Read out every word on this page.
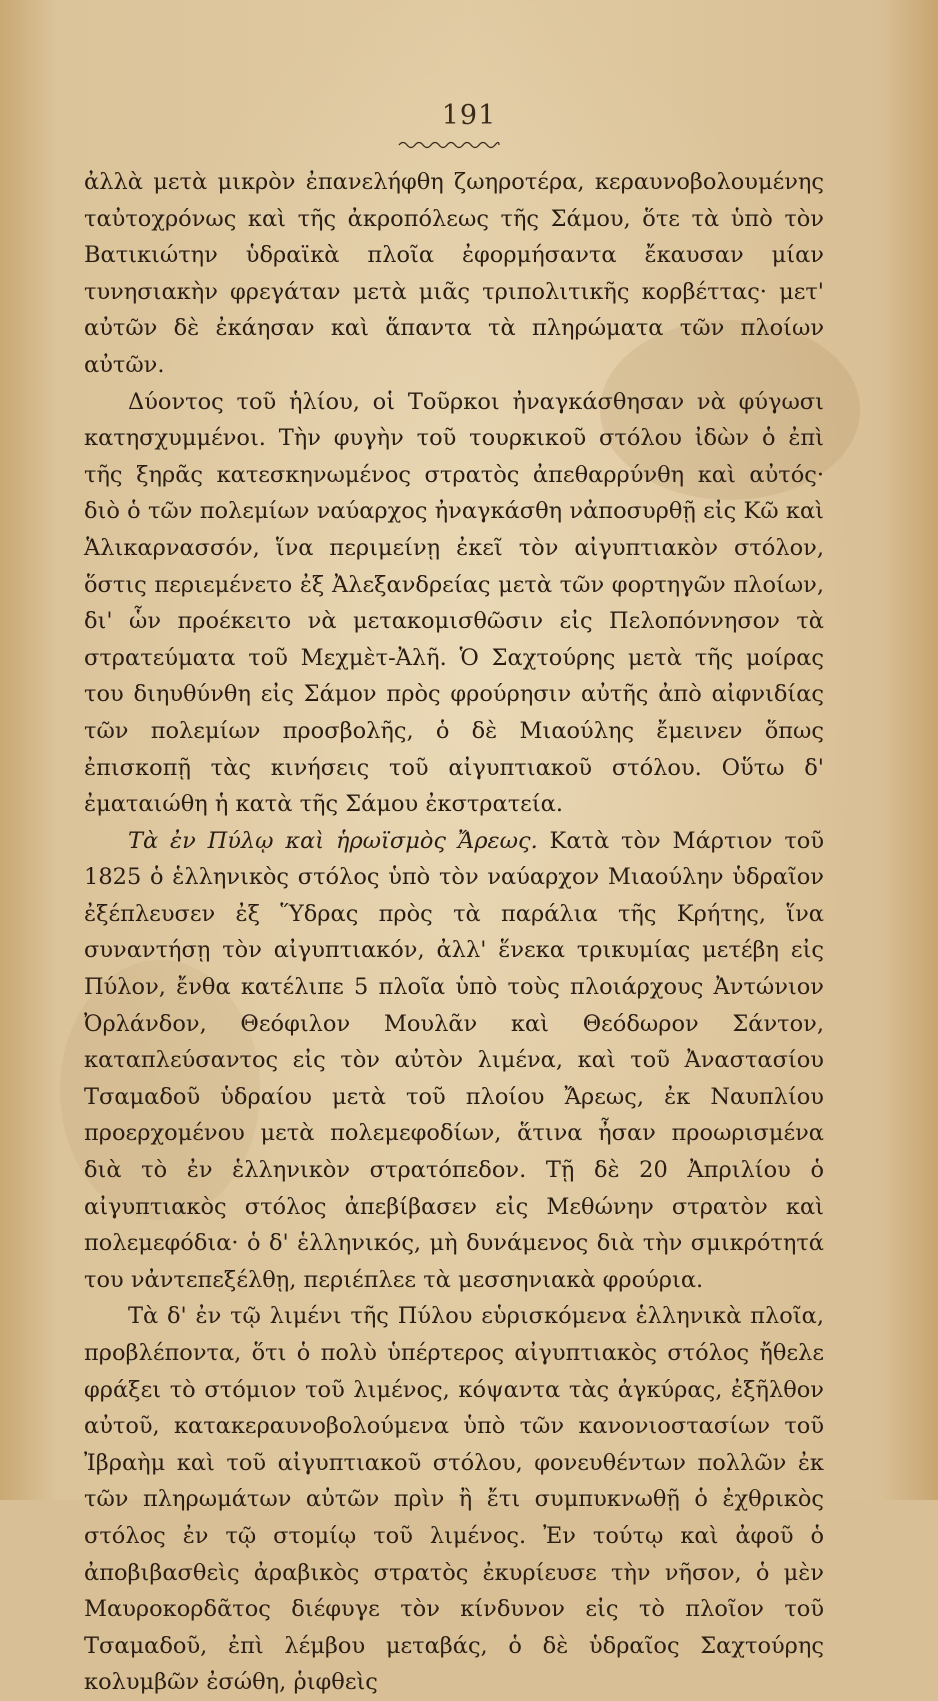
191

ἀλλὰ μετὰ μικρὸν ἐπανελήφθη ζωηροτέρα, κεραυνοβολουμένης ταὐτοχρόνως καὶ τῆς ἀκροπόλεως τῆς Σάμου, ὅτε τὰ ὑπὸ τὸν Βατικιώτην ὑδραϊκὰ πλοῖα ἐφορμήσαντα ἔκαυσαν μίαν τυνησιακὴν φρεγάταν μετὰ μιᾶς τριπολιτικῆς κορβέττας· μετ' αὐτῶν δὲ ἐκάησαν καὶ ἅπαντα τὰ πληρώματα τῶν πλοίων αὐτῶν.

Δύοντος τοῦ ἡλίου, οἱ Τοῦρκοι ἠναγκάσθησαν νὰ φύγωσι κατησχυμμένοι. Τὴν φυγὴν τοῦ τουρκικοῦ στόλου ἰδὼν ὁ ἐπὶ τῆς ξηρᾶς κατεσκηνωμένος στρατὸς ἀπεθαρρύνθη καὶ αὐτός· διὸ ὁ τῶν πολεμίων ναύαρχος ἠναγκάσθη νἀποσυρθῇ εἰς Κῶ καὶ Ἁλικαρνασσόν, ἵνα περιμείνῃ ἐκεῖ τὸν αἰγυπτιακὸν στόλον, ὅστις περιεμένετο ἐξ Ἀλεξανδρείας μετὰ τῶν φορτηγῶν πλοίων, δι' ὧν προέκειτο νὰ μετακομισθῶσιν εἰς Πελοπόννησον τὰ στρατεύματα τοῦ Μεχμὲτ-Ἀλῆ. Ὁ Σαχτούρης μετὰ τῆς μοίρας του διηυθύνθη εἰς Σάμον πρὸς φρούρησιν αὐτῆς ἀπὸ αἰφνιδίας τῶν πολεμίων προσβολῆς, ὁ δὲ Μιαούλης ἔμεινεν ὅπως ἐπισκοπῇ τὰς κινήσεις τοῦ αἰγυπτιακοῦ στόλου. Οὕτω δ' ἐματαιώθη ἡ κατὰ τῆς Σάμου ἐκστρατεία.

Τὰ ἐν Πύλῳ καὶ ἡρωϊσμὸς Ἄρεως. Κατὰ τὸν Μάρτιον τοῦ 1825 ὁ ἑλληνικὸς στόλος ὑπὸ τὸν ναύαρχον Μιαούλην ὑδραῖον ἐξέπλευσεν ἐξ Ὕδρας πρὸς τὰ παράλια τῆς Κρήτης, ἵνα συναντήσῃ τὸν αἰγυπτιακόν, ἀλλ' ἕνεκα τρικυμίας μετέβη εἰς Πύλον, ἔνθα κατέλιπε 5 πλοῖα ὑπὸ τοὺς πλοιάρχους Ἀντώνιον Ὀρλάνδον, Θεόφιλον Μουλᾶν καὶ Θεόδωρον Σάντον, καταπλεύσαντος εἰς τὸν αὐτὸν λιμένα, καὶ τοῦ Ἀναστασίου Τσαμαδοῦ ὑδραίου μετὰ τοῦ πλοίου Ἄρεως, ἐκ Ναυπλίου προερχομένου μετὰ πολεμεφοδίων, ἅτινα ἦσαν προωρισμένα διὰ τὸ ἐν ἑλληνικὸν στρατόπεδον. Τῇ δὲ 20 Ἀπριλίου ὁ αἰγυπτιακὸς στόλος ἀπεβίβασεν εἰς Μεθώνην στρατὸν καὶ πολεμεφόδια· ὁ δ' ἑλληνικός, μὴ δυνάμενος διὰ τὴν σμικρότητά του νἀντεπεξέλθῃ, περιέπλεε τὰ μεσσηνιακὰ φρούρια.

Τὰ δ' ἐν τῷ λιμένι τῆς Πύλου εὑρισκόμενα ἑλληνικὰ πλοῖα, προβλέποντα, ὅτι ὁ πολὺ ὑπέρτερος αἰγυπτιακὸς στόλος ἤθελε φράξει τὸ στόμιον τοῦ λιμένος, κόψαντα τὰς ἀγκύρας, ἐξῆλθον αὐτοῦ, κατακεραυνοβολούμενα ὑπὸ τῶν κανονιοστασίων τοῦ Ἰβραὴμ καὶ τοῦ αἰγυπτιακοῦ στόλου, φονευθέντων πολλῶν ἐκ τῶν πληρωμάτων αὐτῶν πρὶν ἢ ἔτι συμπυκνωθῇ ὁ ἐχθρικὸς στόλος ἐν τῷ στομίῳ τοῦ λιμένος. Ἐν τούτῳ καὶ ἀφοῦ ὁ ἀποβιβασθεὶς ἀραβικὸς στρατὸς ἐκυρίευσε τὴν νῆσον, ὁ μὲν Μαυροκορδᾶτος διέφυγε τὸν κίνδυνον εἰς τὸ πλοῖον τοῦ Τσαμαδοῦ, ἐπὶ λέμβου μεταβάς, ὁ δὲ ὑδραῖος Σαχτούρης κολυμβῶν ἐσώθη, ῥιφθεὶς
